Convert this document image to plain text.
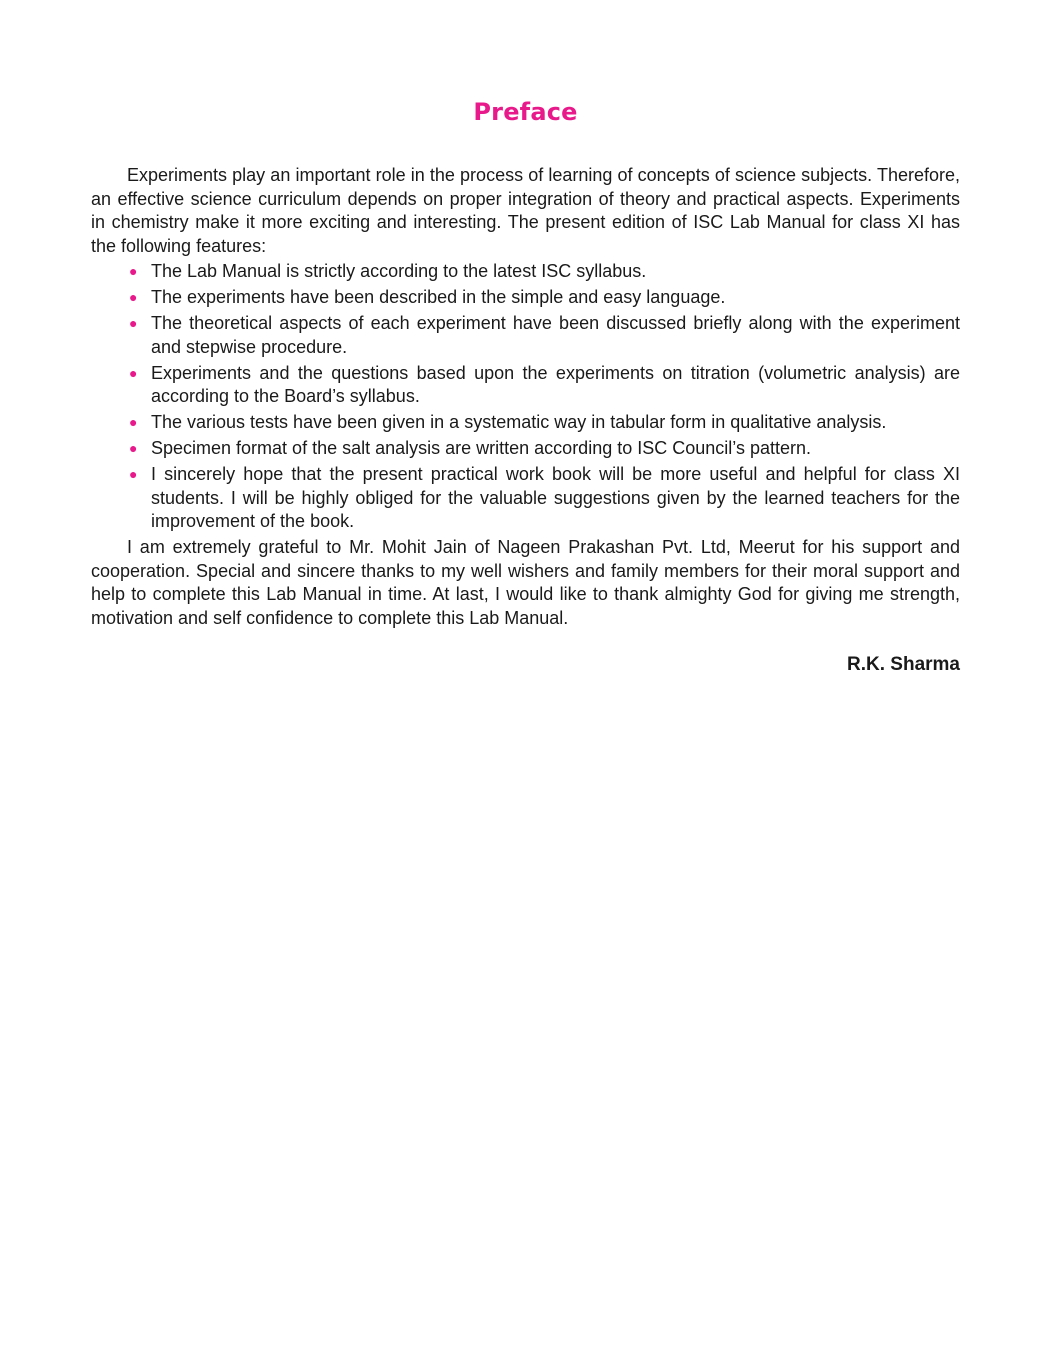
Preface

Experiments play an important role in the process of learning of concepts of science subjects. Therefore, an effective science curriculum depends on proper integration of theory and practical aspects. Experiments in chemistry make it more exciting and interesting. The present edition of ISC Lab Manual for class XI has the following features:

● The Lab Manual is strictly according to the latest ISC syllabus.
● The experiments have been described in the simple and easy language.
● The theoretical aspects of each experiment have been discussed briefly along with the experiment and stepwise procedure.
● Experiments and the questions based upon the experiments on titration (volumetric analysis) are according to the Board’s syllabus.
● The various tests have been given in a systematic way in tabular form in qualitative analysis.
● Specimen format of the salt analysis are written according to ISC Council’s pattern.
● I sincerely hope that the present practical work book will be more useful and helpful for class XI students. I will be highly obliged for the valuable suggestions given by the learned teachers for the improvement of the book.

I am extremely grateful to Mr. Mohit Jain of Nageen Prakashan Pvt. Ltd, Meerut for his support and cooperation. Special and sincere thanks to my well wishers and family members for their moral support and help to complete this Lab Manual in time. At last, I would like to thank almighty God for giving me strength, motivation and self confidence to complete this Lab Manual.

R.K. Sharma
